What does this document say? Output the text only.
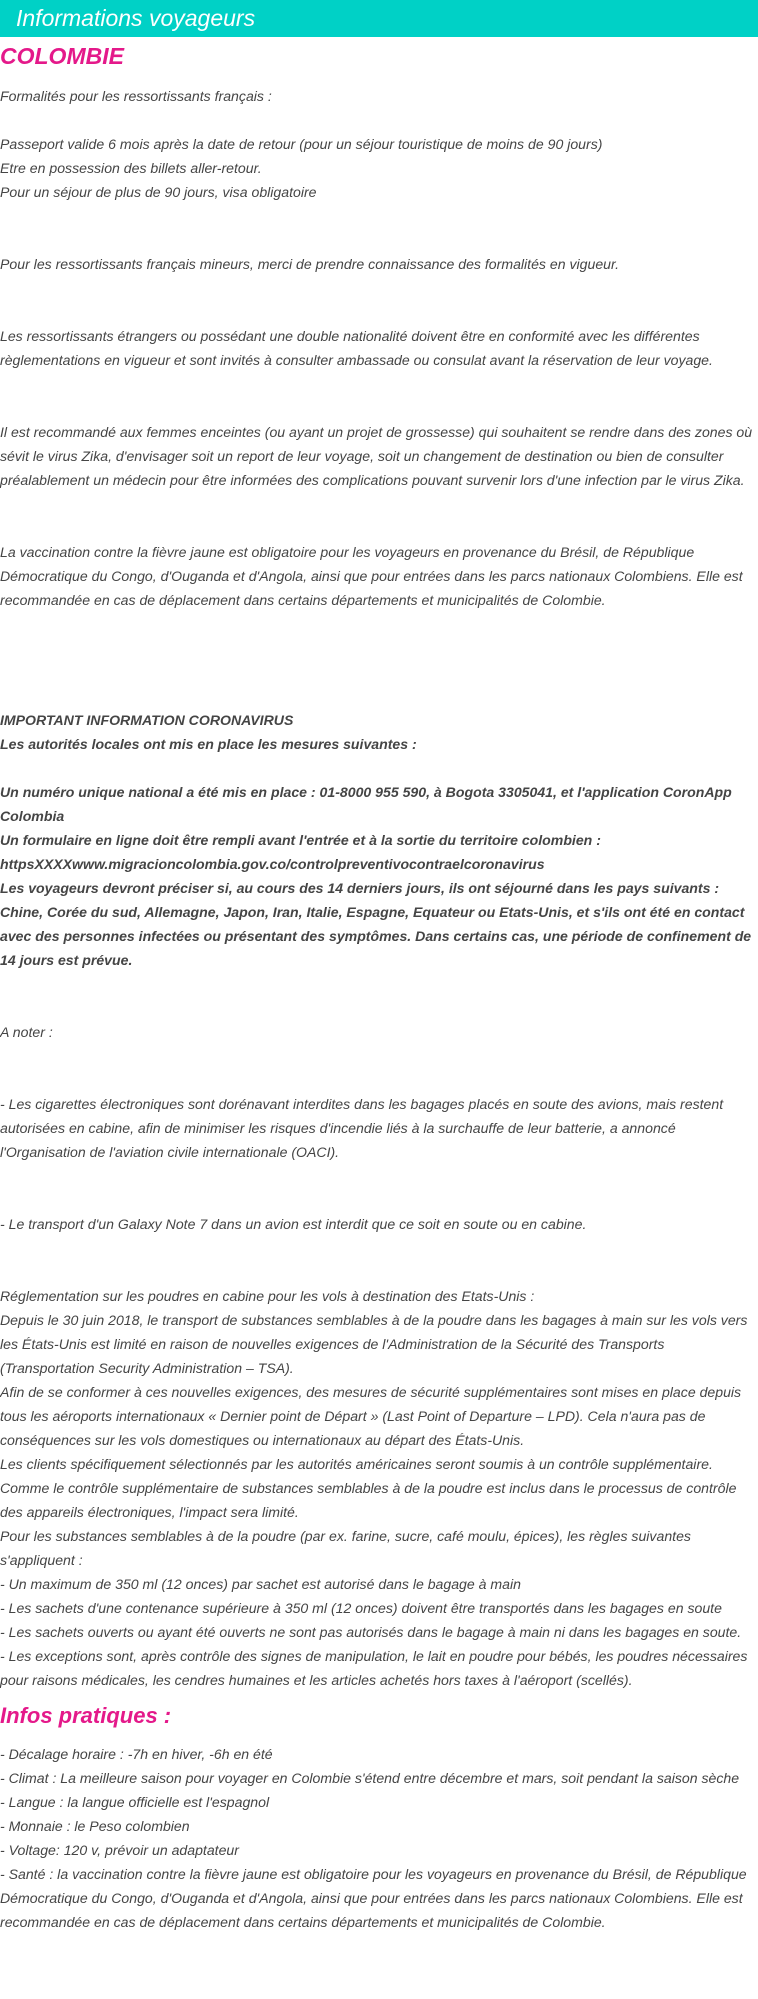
Informations voyageurs
COLOMBIE

Formalités pour les ressortissants français :

Passeport valide 6 mois après la date de retour (pour un séjour touristique de moins de 90 jours)
Etre en possession des billets aller-retour.
Pour un séjour de plus de 90 jours, visa obligatoire

Pour les ressortissants français mineurs, merci de prendre connaissance des formalités en vigueur.

Les ressortissants étrangers ou possédant une double nationalité doivent être en conformité avec les différentes règlementations en vigueur et sont invités à consulter ambassade ou consulat avant la réservation de leur voyage.

Il est recommandé aux femmes enceintes (ou ayant un projet de grossesse) qui souhaitent se rendre dans des zones où sévit le virus Zika, d'envisager soit un report de leur voyage, soit un changement de destination ou bien de consulter préalablement un médecin pour être informées des complications pouvant survenir lors d'une infection par le virus Zika.

La vaccination contre la fièvre jaune est obligatoire pour les voyageurs en provenance du Brésil, de République Démocratique du Congo, d'Ouganda et d'Angola, ainsi que pour entrées dans les parcs nationaux Colombiens. Elle est recommandée en cas de déplacement dans certains départements et municipalités de Colombie.

IMPORTANT INFORMATION CORONAVIRUS

Les autorités locales ont mis en place les mesures suivantes :

Un numéro unique national a été mis en place : 01-8000 955 590, à Bogota 3305041, et l'application CoronApp Colombia
Un formulaire en ligne doit être rempli avant l'entrée et à la sortie du territoire colombien : httpsXXXXwww.migracioncolombia.gov.co/controlpreventivocontraelcoronavirus
Les voyageurs devront préciser si, au cours des 14 derniers jours, ils ont séjourné dans les pays suivants : Chine, Corée du sud, Allemagne, Japon, Iran, Italie, Espagne, Equateur ou Etats-Unis, et s'ils ont été en contact avec des personnes infectées ou présentant des symptômes. Dans certains cas, une période de confinement de 14 jours est prévue.

A noter :

- Les cigarettes électroniques sont dorénavant interdites dans les bagages placés en soute des avions, mais restent autorisées en cabine, afin de minimiser les risques d'incendie liés à la surchauffe de leur batterie, a annoncé l'Organisation de l'aviation civile internationale (OACI).

- Le transport d'un Galaxy Note 7 dans un avion est interdit que ce soit en soute ou en cabine.

Réglementation sur les poudres en cabine pour les vols à destination des Etats-Unis :
Depuis le 30 juin 2018, le transport de substances semblables à de la poudre dans les bagages à main sur les vols vers les États-Unis est limité en raison de nouvelles exigences de l'Administration de la Sécurité des Transports (Transportation Security Administration – TSA).
Afin de se conformer à ces nouvelles exigences, des mesures de sécurité supplémentaires sont mises en place depuis tous les aéroports internationaux « Dernier point de Départ » (Last Point of Departure – LPD). Cela n'aura pas de conséquences sur les vols domestiques ou internationaux au départ des États-Unis.
Les clients spécifiquement sélectionnés par les autorités américaines seront soumis à un contrôle supplémentaire.
Comme le contrôle supplémentaire de substances semblables à de la poudre est inclus dans le processus de contrôle des appareils électroniques, l'impact sera limité.
Pour les substances semblables à de la poudre (par ex. farine, sucre, café moulu, épices), les règles suivantes s'appliquent :
- Un maximum de 350 ml (12 onces) par sachet est autorisé dans le bagage à main
- Les sachets d'une contenance supérieure à 350 ml (12 onces) doivent être transportés dans les bagages en soute
- Les sachets ouverts ou ayant été ouverts ne sont pas autorisés dans le bagage à main ni dans les bagages en soute.
- Les exceptions sont, après contrôle des signes de manipulation, le lait en poudre pour bébés, les poudres nécessaires pour raisons médicales, les cendres humaines et les articles achetés hors taxes à l'aéroport (scellés).

Infos pratiques :

- Décalage horaire : -7h en hiver, -6h en été
- Climat : La meilleure saison pour voyager en Colombie s'étend entre décembre et mars, soit pendant la saison sèche
- Langue : la langue officielle est l'espagnol
- Monnaie : le Peso colombien
- Voltage: 120 v, prévoir un adaptateur
- Santé : la vaccination contre la fièvre jaune est obligatoire pour les voyageurs en provenance du Brésil, de République Démocratique du Congo, d'Ouganda et d'Angola, ainsi que pour entrées dans les parcs nationaux Colombiens. Elle est recommandée en cas de déplacement dans certains départements et municipalités de Colombie.
